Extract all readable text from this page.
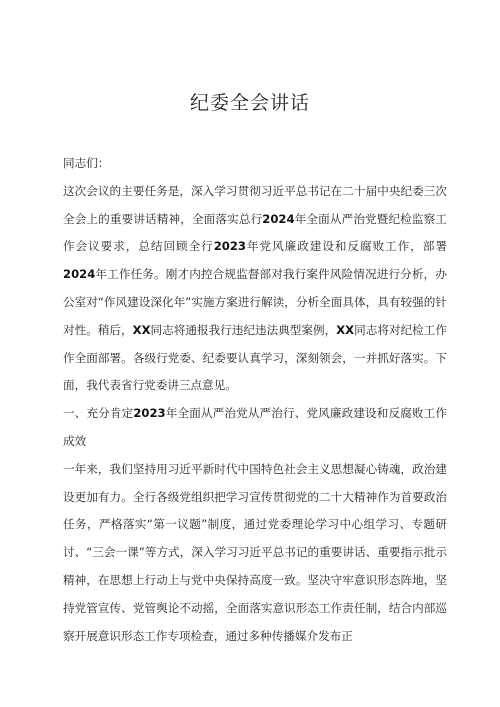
纪委全会讲话

同志们：

这次会议的主要任务是，深入学习贯彻习近平总书记在二十届中央纪委三次全会上的重要讲话精神，全面落实总行2024年全面从严治党暨纪检监察工作会议要求，总结回顾全行2023年党风廉政建设和反腐败工作，部署2024年工作任务。刚才内控合规监督部对我行案件风险情况进行分析，办公室对“作风建设深化年”实施方案进行解读，分析全面具体，具有较强的针对性。稍后，XX同志将通报我行违纪违法典型案例，XX同志将对纪检工作作全面部署。各级行党委、纪委要认真学习，深刻领会，一并抓好落实。下面，我代表省行党委讲三点意见。

一、充分肯定2023年全面从严治党从严治行、党风廉政建设和反腐败工作成效

一年来，我们坚持用习近平新时代中国特色社会主义思想凝心铸魂，政治建设更加有力。全行各级党组织把学习宣传贯彻党的二十大精神作为首要政治任务，严格落实“第一议题”制度，通过党委理论学习中心组学习、专题研讨、“三会一课”等方式，深入学习习近平总书记的重要讲话、重要指示批示精神，在思想上行动上与党中央保持高度一致。坚决守牢意识形态阵地，坚持党管宣传、党管舆论不动摇，全面落实意识形态工作责任制，结合内部巡察开展意识形态工作专项检查，通过多种传播媒介发布正
